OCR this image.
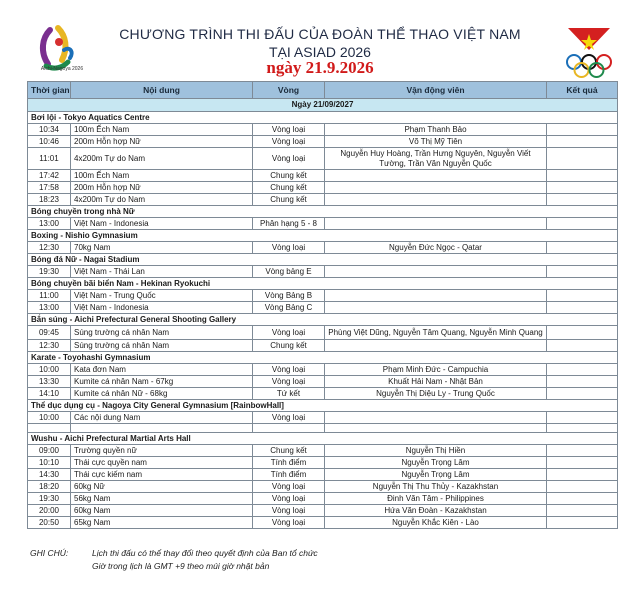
Aichi-Nagoya 2026
CHƯƠNG TRÌNH THI ĐẤU CỦA ĐOÀN THỂ THAO VIỆT NAM
TẠI ASIAD 2026
ngày 21.9.2026
Thời gian	Nội dung	Vòng	Vận động viên	Kết quả
Ngày 21/09/2027				
Bơi lội - Tokyo Aquatics Centre				
10:34	100m Ếch Nam	Vòng loại	Phạm Thanh Bảo	
10:46	200m Hỗn hợp Nữ	Vòng loại	Võ Thị Mỹ Tiên	
11:01	4x200m Tự do Nam	Vòng loại	Nguyễn Huy Hoàng, Trần Hưng Nguyên, Nguyễn Viết Tường, Trần Văn Nguyễn Quốc	
17:42	100m Ếch Nam	Chung kết		
17:58	200m Hỗn hợp Nữ	Chung kết		
18:23	4x200m Tự do Nam	Chung kết		
Bóng chuyền trong nhà Nữ				
13:00	Việt Nam - Indonesia	Phân hạng 5 - 8		
Boxing - Nishio Gymnasium				
12:30	70kg Nam	Vòng loại	Nguyễn Đức Ngọc - Qatar	
Bóng đá Nữ - Nagai Stadium				
19:30	Việt Nam - Thái Lan	Vòng bảng E		
Bóng chuyền bãi biển Nam - Hekinan Ryokuchi				
11:00	Việt Nam - Trung Quốc	Vòng Bảng B		
13:00	Việt Nam - Indonesia	Vòng Bảng C		
Bắn súng - Aichi Prefectural General Shooting Gallery				
09:45	Súng trường cá nhân Nam	Vòng loại	Phùng Việt Dũng, Nguyễn Tâm Quang, Nguyễn Minh Quang	
12:30	Súng trường cá nhân Nam	Chung kết		
Karate - Toyohashi Gymnasium				
10:00	Kata đơn Nam	Vòng loại	Phạm Minh Đức - Campuchia	
13:30	Kumite cá nhân Nam - 67kg	Vòng loại	Khuất Hải Nam - Nhật Bản	
14:10	Kumite cá nhân Nữ - 68kg	Tứ kết	Nguyễn Thị Diệu Ly - Trung Quốc	
Thể dục dụng cụ - Nagoya City General Gymnasium [RainbowHall]				
10:00	Các nội dung Nam	Vòng loại		

Wushu - Aichi Prefectural Martial Arts Hall				
09:00	Trường quyền nữ	Chung kết	Nguyễn Thị Hiền	
10:10	Thái cực quyền nam	Tính điểm	Nguyễn Trọng Lâm	
14:30	Thái cực kiếm nam	Tính điểm	Nguyễn Trọng Lâm	
18:20	60kg Nữ	Vòng loại	Nguyễn Thị Thu Thủy - Kazakhstan	
19:30	56kg Nam	Vòng loại	Đinh Văn Tâm - Philippines	
20:00	60kg Nam	Vòng loại	Hứa Văn Đoàn - Kazakhstan	
20:50	65kg Nam	Vòng loại	Nguyễn Khắc Kiên - Lào	
GHI CHÚ:	Lịch thi đấu có thể thay đổi theo quyết định của Ban tổ chức
Giờ trong lịch là GMT +9 theo múi giờ nhật bản
